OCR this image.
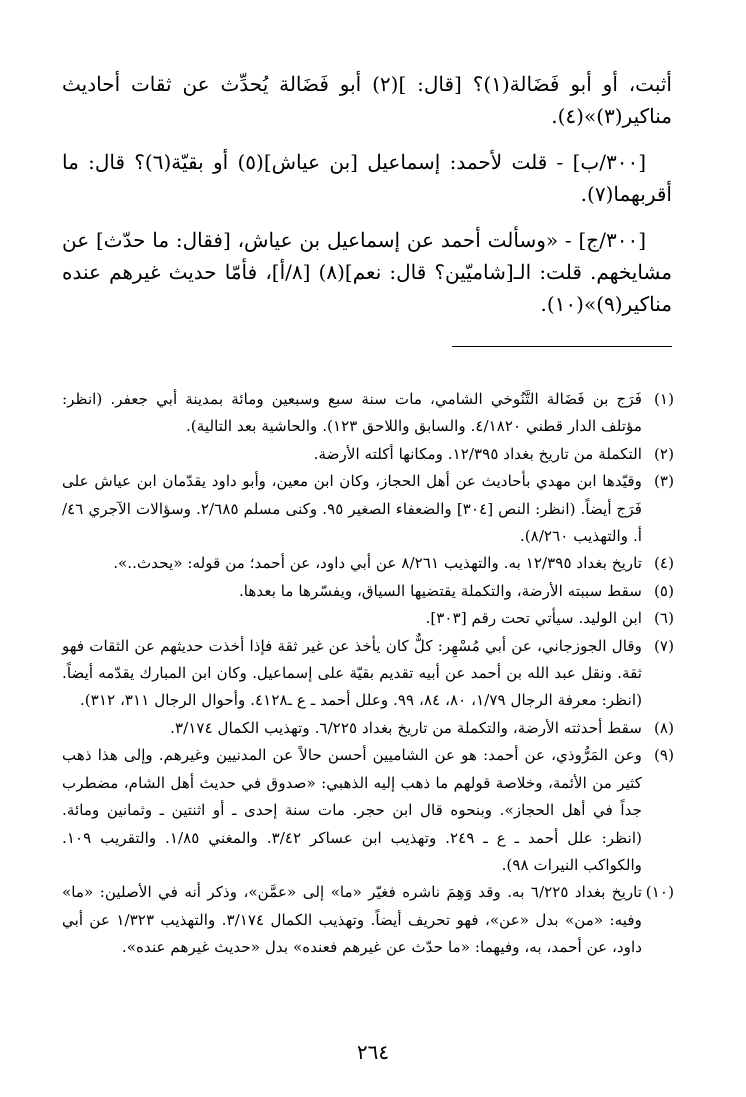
أثبت، أو أبو فَضَالة(١)؟ [قال: ](٢) أبو فَضَالة يُحدِّث عن ثقات أحاديث مناكير(٣)»(٤).

[٣٠٠/ب] - قلت لأحمد: إسماعيل [بن عياش](٥) أو بقيّة(٦)؟ قال: ما أقربهما(٧).

[٣٠٠/ج] - «وسألت أحمد عن إسماعيل بن عياش، [فقال: ما حدّث] عن مشايخهم. قلت: الـ[شاميّين؟ قال: نعم](٨) [٨/أ]، فأمّا حديث غيرهم عنده مناكير(٩)»(١٠).

(١)
فَرَج بن فَضَالة التَّنُوخي الشامي، مات سنة سبع وسبعين ومائة بمدينة أبي جعفر. (انظر: مؤتلف الدار قطني ٤/١٨٢٠. والسابق واللاحق ١٢٣). والحاشية بعد التالية).
(٢)
التكملة من تاريخ بغداد ١٢/٣٩٥. ومكانها أكلته الأرضة.
(٣)
وقيّدها ابن مهدي بأحاديث عن أهل الحجاز، وكان ابن معين، وأبو داود يقدّمان ابن عياش على فَرَج أيضاً. (انظر: النص [٣٠٤] والضعفاء الصغير ٩٥. وكنى مسلم ٢/٦٨٥. وسؤالات الآجري ٤٦/أ. والتهذيب ٨/٢٦٠).
(٤)
تاريخ بغداد ١٢/٣٩٥ به. والتهذيب ٨/٢٦١ عن أبي داود، عن أحمد؛ من قوله: «يحدث..».
(٥)
سقط سببته الأرضة، والتكملة يقتضيها السياق، ويفسّرها ما بعدها.
(٦)
ابن الوليد. سيأتي تحت رقم [٣٠٣].
(٧)
وقال الجوزجاني، عن أبي مُسْهِر: كلٌّ كان يأخذ عن غير ثقة فإذا أخذت حديثهم عن الثقات فهو ثقة. ونقل عبد الله بن أحمد عن أبيه تقديم بقيّة على إسماعيل. وكان ابن المبارك يقدّمه أيضاً. (انظر: معرفة الرجال ١/٧٩، ٨٠، ٨٤، ٩٩. وعلل أحمد ـ ع ـ٤١٢٨. وأحوال الرجال ٣١١، ٣١٢).
(٨)
سقط أحدثته الأرضة، والتكملة من تاريخ بغداد ٦/٢٢٥. وتهذيب الكمال ٣/١٧٤.
(٩)
وعن المَرُّوذي، عن أحمد: هو عن الشاميين أحسن حالاً عن المدنيين وغيرهم. وإلى هذا ذهب كثير من الأئمة، وخلاصة قولهم ما ذهب إليه الذهبي: «صدوق في حديث أهل الشام، مضطرب جداً في أهل الحجاز». وبنحوه قال ابن حجر. مات سنة إحدى ـ أو اثنتين ـ وثمانين ومائة. (انظر: علل أحمد ـ ع ـ ٢٤٩. وتهذيب ابن عساكر ٣/٤٢. والمغني ١/٨٥. والتقريب ١٠٩. والكواكب النيرات ٩٨).
(١٠)
تاريخ بغداد ٦/٢٢٥ به. وقد وَهِمَ ناشره فغيّر «ما» إلى «عمَّن»، وذكر أنه في الأصلين: «ما» وفيه: «من» بدل «عن»، فهو تحريف أيضاً. وتهذيب الكمال ٣/١٧٤. والتهذيب ١/٣٢٣ عن أبي داود، عن أحمد، به، وفيهما: «ما حدّث عن غيرهم فعنده» بدل «حديث غيرهم عنده».
٢٦٤
